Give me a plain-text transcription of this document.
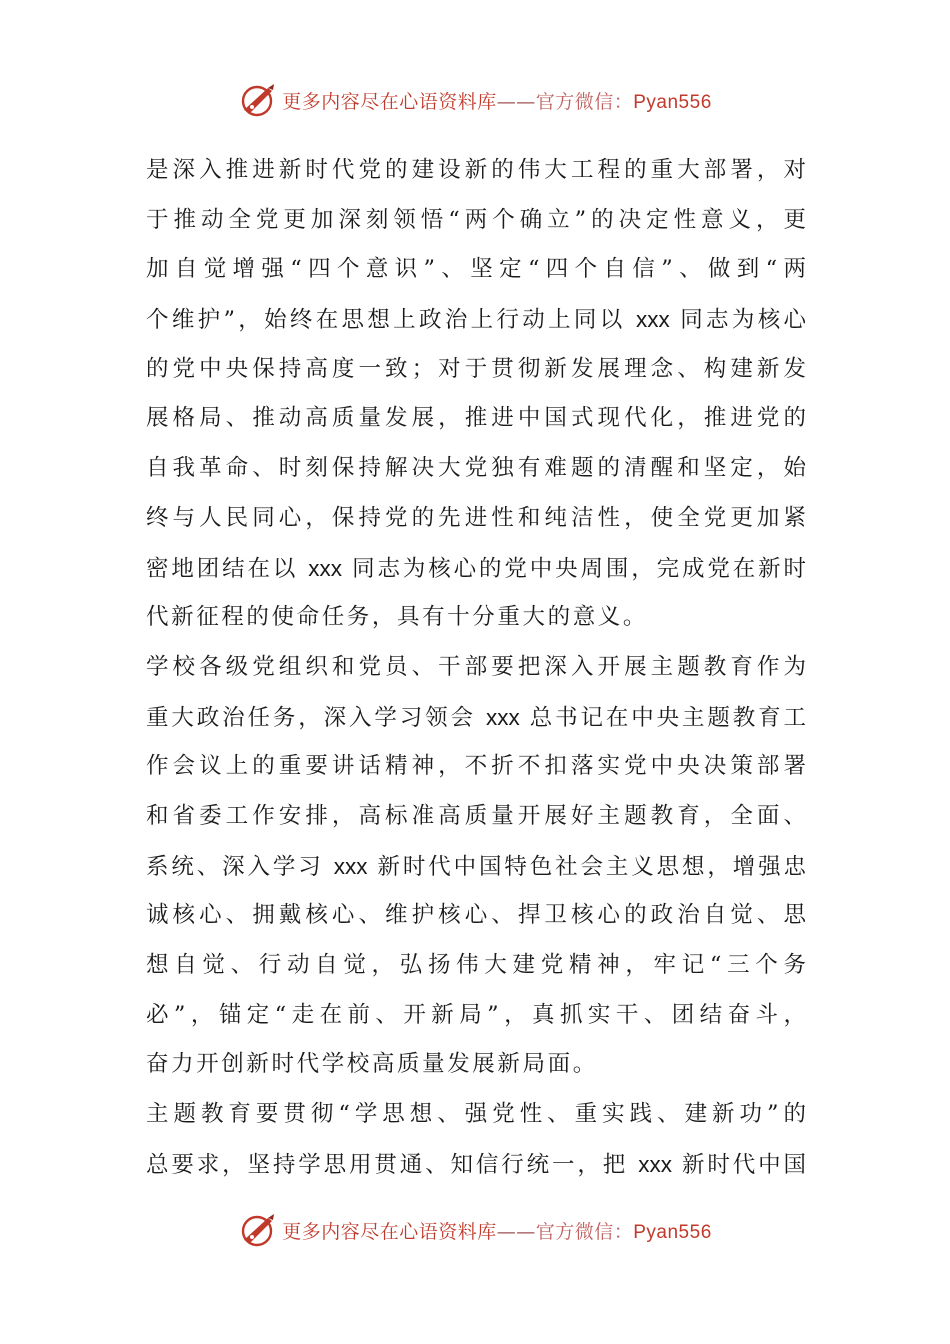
更多内容尽在心语资料库——官方微信：Pyan556
是深入推进新时代党的建设新的伟大工程的重大部署，对
于推动全党更加深刻领悟“两个确立”的决定性意义，更
加自觉增强“四个意识”、坚定“四个自信”、做到“两
个维护”，始终在思想上政治上行动上同以 xxx 同志为核心
的党中央保持高度一致；对于贯彻新发展理念、构建新发
展格局、推动高质量发展，推进中国式现代化，推进党的
自我革命、时刻保持解决大党独有难题的清醒和坚定，始
终与人民同心，保持党的先进性和纯洁性，使全党更加紧
密地团结在以 xxx 同志为核心的党中央周围，完成党在新时
代新征程的使命任务，具有十分重大的意义。
学校各级党组织和党员、干部要把深入开展主题教育作为
重大政治任务，深入学习领会 xxx 总书记在中央主题教育工
作会议上的重要讲话精神，不折不扣落实党中央决策部署
和省委工作安排，高标准高质量开展好主题教育，全面、
系统、深入学习 xxx 新时代中国特色社会主义思想，增强忠
诚核心、拥戴核心、维护核心、捍卫核心的政治自觉、思
想自觉、行动自觉，弘扬伟大建党精神，牢记“三个务
必”，锚定“走在前、开新局”，真抓实干、团结奋斗，
奋力开创新时代学校高质量发展新局面。
主题教育要贯彻“学思想、强党性、重实践、建新功”的
总要求，坚持学思用贯通、知信行统一，把 xxx 新时代中国
更多内容尽在心语资料库——官方微信：Pyan556
